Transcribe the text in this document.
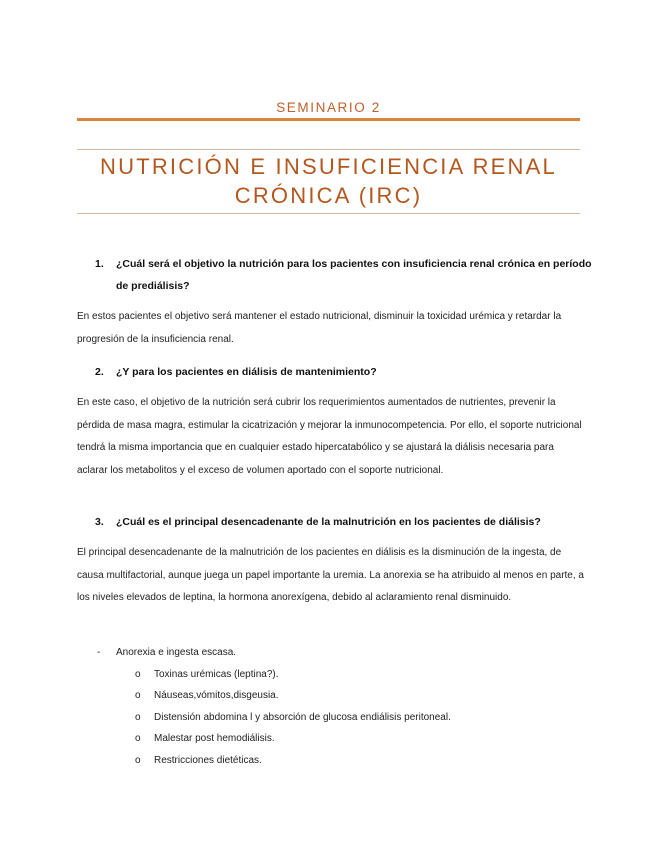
SEMINARIO 2
NUTRICIÓN E INSUFICIENCIA RENAL
CRÓNICA (IRC)
1.	¿Cuál será el objetivo la nutrición para los pacientes con insuficiencia renal crónica en período de prediálisis?
En estos pacientes el objetivo será mantener el estado nutricional, disminuir la toxicidad urémica y retardar la progresión de la insuficiencia renal.
2.	¿Y para los pacientes en diálisis de mantenimiento?
En este caso, el objetivo de la nutrición será cubrir los requerimientos aumentados de nutrientes, prevenir la pérdida de masa magra, estimular la cicatrización y mejorar la inmunocompetencia. Por ello, el soporte nutricional tendrá la misma importancia que en cualquier estado hipercatabólico y se ajustará la diálisis necesaria para aclarar los metabolitos y el exceso de volumen aportado con el soporte nutricional.
3.	¿Cuál es el principal desencadenante de la malnutrición en los pacientes de diálisis?
El principal desencadenante de la malnutrición de los pacientes en diálisis es la disminución de la ingesta, de causa multifactorial, aunque juega un papel importante la uremia. La anorexia se ha atribuido al menos en parte, a los niveles elevados de leptina, la hormona anorexígena, debido al aclaramiento renal disminuido.
- Anorexia e ingesta escasa.
o Toxinas urémicas (leptina?).
o Náuseas,vómitos,disgeusia.
o Distensión abdomina l y absorción de glucosa endiálisis peritoneal.
o Malestar post hemodiálisis.
o Restricciones dietéticas.
